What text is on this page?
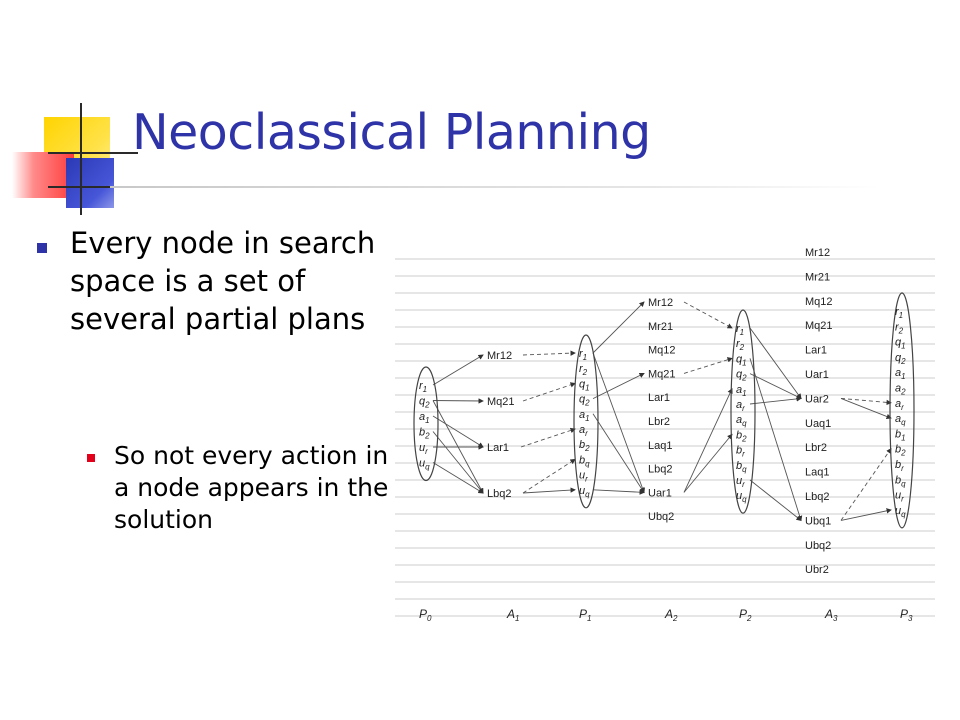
Neoclassical Planning
Every node in search space is a set of several partial plans
So not every action in a node appears in the solution
$r_1$
$q_2$
$a_1$
$b_2$
$u_r$
$u_q$
Mr12
Mq21
Lar1
Lbq2
$r_1$
$r_2$
$q_1$
$q_2$
$a_1$
$a_r$
$b_2$
$b_q$
$u_r$
$u_q$
Mr12
Mr21
Mq12
Mq21
Lar1
Lbr2
Laq1
Lbq2
Uar1
Ubq2
$r_1$
$r_2$
$q_1$
$q_2$
$a_1$
$a_r$
$a_q$
$b_2$
$b_r$
$b_q$
$u_r$
$u_q$
Mr12
Mr21
Mq12
Mq21
Lar1
Uar1
Uar2
Uaq1
Lbr2
Laq1
Lbq2
Ubq1
Ubq2
Ubr2
$r_1$
$r_2$
$q_1$
$q_2$
$a_1$
$a_2$
$a_r$
$a_q$
$b_1$
$b_2$
$b_r$
$b_q$
$u_r$
$u_q$
$P_0$	$A_1$	$P_1$	$A_2$	$P_2$	$A_3$	$P_3$
